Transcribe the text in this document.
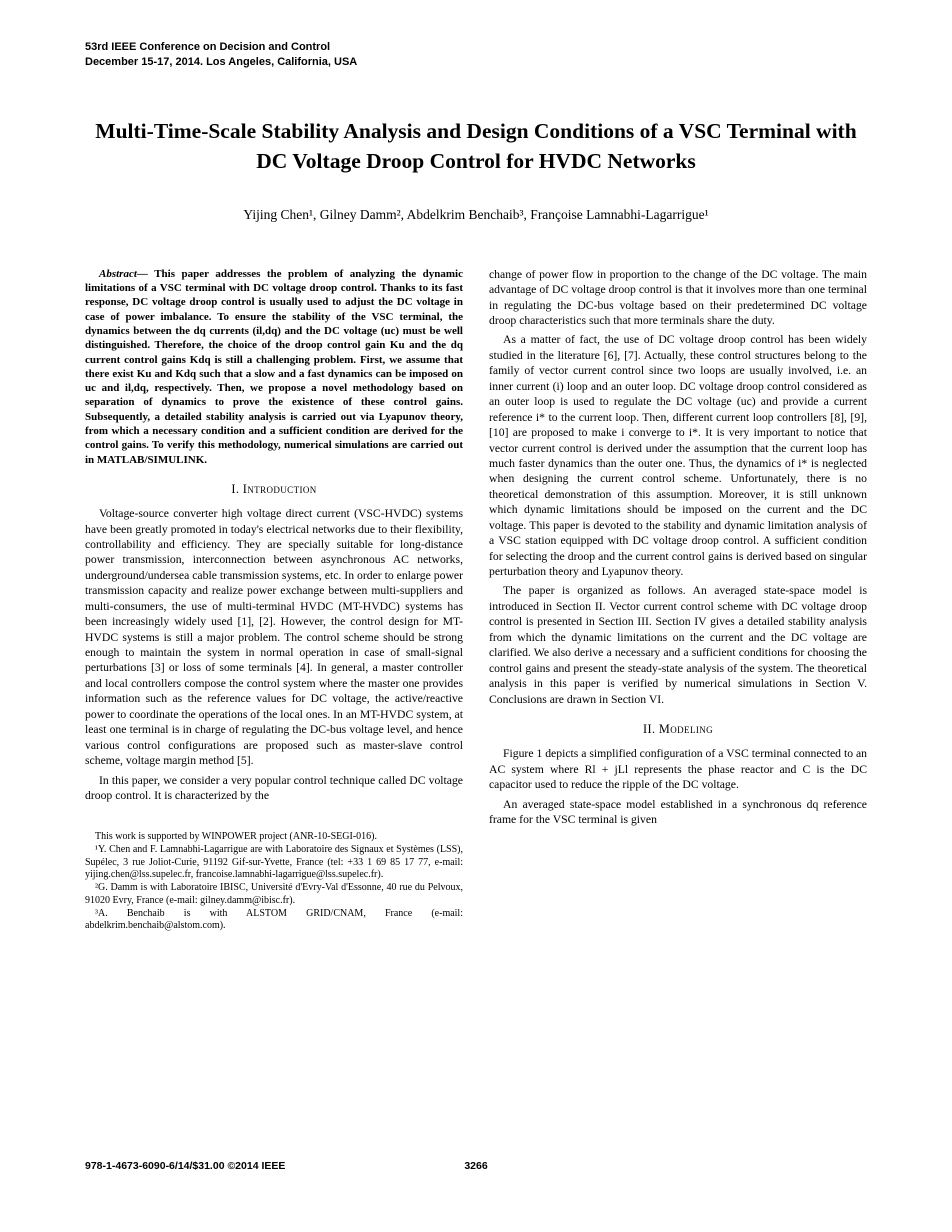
53rd IEEE Conference on Decision and Control
December 15-17, 2014. Los Angeles, California, USA
Multi-Time-Scale Stability Analysis and Design Conditions of a VSC Terminal with DC Voltage Droop Control for HVDC Networks
Yijing Chen¹, Gilney Damm², Abdelkrim Benchaib³, Françoise Lamnabhi-Lagarrigue¹

Abstract— This paper addresses the problem of analyzing the dynamic limitations of a VSC terminal with DC voltage droop control. Thanks to its fast response, DC voltage droop control is usually used to adjust the DC voltage in case of power imbalance. To ensure the stability of the VSC terminal, the dynamics between the dq currents (il,dq) and the DC voltage (uc) must be well distinguished. Therefore, the choice of the droop control gain Ku and the dq current control gains Kdq is still a challenging problem. First, we assume that there exist Ku and Kdq such that a slow and a fast dynamics can be imposed on uc and il,dq, respectively. Then, we propose a novel methodology based on separation of dynamics to prove the existence of these control gains. Subsequently, a detailed stability analysis is carried out via Lyapunov theory, from which a necessary condition and a sufficient condition are derived for the control gains. To verify this methodology, numerical simulations are carried out in MATLAB/SIMULINK.

I. Introduction

Voltage-source converter high voltage direct current (VSC-HVDC) systems have been greatly promoted in today's electrical networks due to their flexibility, controllability and efficiency. They are specially suitable for long-distance power transmission, interconnection between asynchronous AC networks, underground/undersea cable transmission systems, etc. In order to enlarge power transmission capacity and realize power exchange between multi-suppliers and multi-consumers, the use of multi-terminal HVDC (MT-HVDC) systems has been increasingly widely used [1], [2]. However, the control design for MT-HVDC systems is still a major problem. The control scheme should be strong enough to maintain the system in normal operation in case of small-signal perturbations [3] or loss of some terminals [4]. In general, a master controller and local controllers compose the control system where the master one provides information such as the reference values for DC voltage, the active/reactive power to coordinate the operations of the local ones. In an MT-HVDC system, at least one terminal is in charge of regulating the DC-bus voltage level, and hence various control configurations are proposed such as master-slave control scheme, voltage margin method [5].

In this paper, we consider a very popular control technique called DC voltage droop control. It is characterized by the

This work is supported by WINPOWER project (ANR-10-SEGI-016).

¹Y. Chen and F. Lamnabhi-Lagarrigue are with Laboratoire des Signaux et Systèmes (LSS), Supélec, 3 rue Joliot-Curie, 91192 Gif-sur-Yvette, France (tel: +33 1 69 85 17 77, e-mail: yijing.chen@lss.supelec.fr, francoise.lamnabhi-lagarrigue@lss.supelec.fr).

²G. Damm is with Laboratoire IBISC, Université d'Evry-Val d'Essonne, 40 rue du Pelvoux, 91020 Evry, France (e-mail: gilney.damm@ibisc.fr).

³A. Benchaib is with ALSTOM GRID/CNAM, France (e-mail: abdelkrim.benchaib@alstom.com).

change of power flow in proportion to the change of the DC voltage. The main advantage of DC voltage droop control is that it involves more than one terminal in regulating the DC-bus voltage based on their predetermined DC voltage droop characteristics such that more terminals share the duty.

As a matter of fact, the use of DC voltage droop control has been widely studied in the literature [6], [7]. Actually, these control structures belong to the family of vector current control since two loops are usually involved, i.e. an inner current (i) loop and an outer loop. DC voltage droop control considered as an outer loop is used to regulate the DC voltage (uc) and provide a current reference i* to the current loop. Then, different current loop controllers [8], [9], [10] are proposed to make i converge to i*. It is very important to notice that vector current control is derived under the assumption that the current loop has much faster dynamics than the outer one. Thus, the dynamics of i* is neglected when designing the current control scheme. Unfortunately, there is no theoretical demonstration of this assumption. Moreover, it is still unknown which dynamic limitations should be imposed on the current and the DC voltage. This paper is devoted to the stability and dynamic limitation analysis of a VSC station equipped with DC voltage droop control. A sufficient condition for selecting the droop and the current control gains is derived based on singular perturbation theory and Lyapunov theory.

The paper is organized as follows. An averaged state-space model is introduced in Section II. Vector current control scheme with DC voltage droop control is presented in Section III. Section IV gives a detailed stability analysis from which the dynamic limitations on the current and the DC voltage are clarified. We also derive a necessary and a sufficient conditions for choosing the control gains and present the steady-state analysis of the system. The theoretical analysis in this paper is verified by numerical simulations in Section V. Conclusions are drawn in Section VI.

II. Modeling

Figure 1 depicts a simplified configuration of a VSC terminal connected to an AC system where Rl + jLl represents the phase reactor and C is the DC capacitor used to reduce the ripple of the DC voltage.

An averaged state-space model established in a synchronous dq reference frame for the VSC terminal is given

978-1-4673-6090-6/14/$31.00 ©2014 IEEE	3266
